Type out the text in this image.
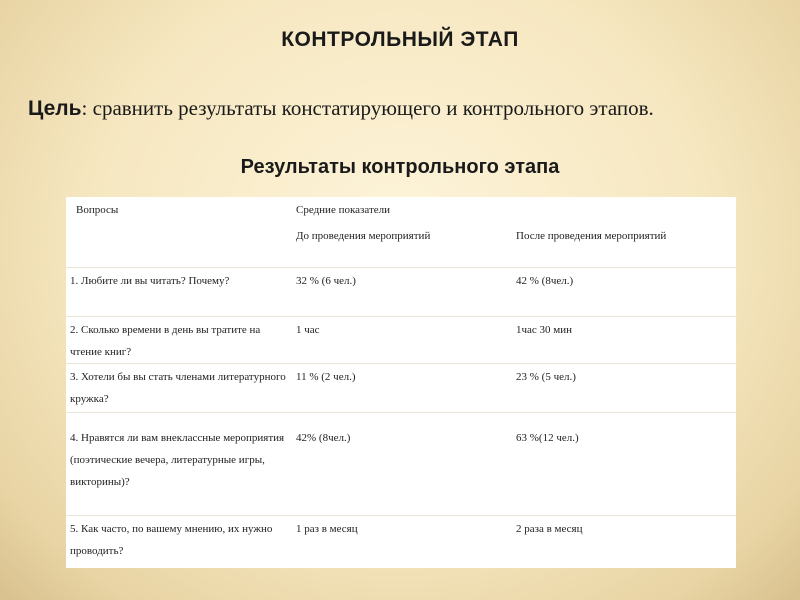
КОНТРОЛЬНЫЙ ЭТАП
Цель: сравнить результаты констатирующего и контрольного этапов.
Результаты контрольного этапа
Вопросы	Средние показатели	

	До проведения мероприятий	После проведения мероприятий

1. Любите ли вы читать? Почему?	32 % (6 чел.)	42 % (8чел.)

2. Сколько времени в день вы тратите на чтение книг?	1 час	1час 30 мин

3. Хотели бы вы стать членами литературного кружка?	11 % (2 чел.)	23 % (5 чел.)

4. Нравятся ли вам внеклассные мероприятия (поэтические вечера, литературные игры, викторины)?	42% (8чел.)	63 %(12 чел.)

5. Как часто, по вашему мнению, их нужно проводить?	1 раз в месяц	2 раза в месяц
